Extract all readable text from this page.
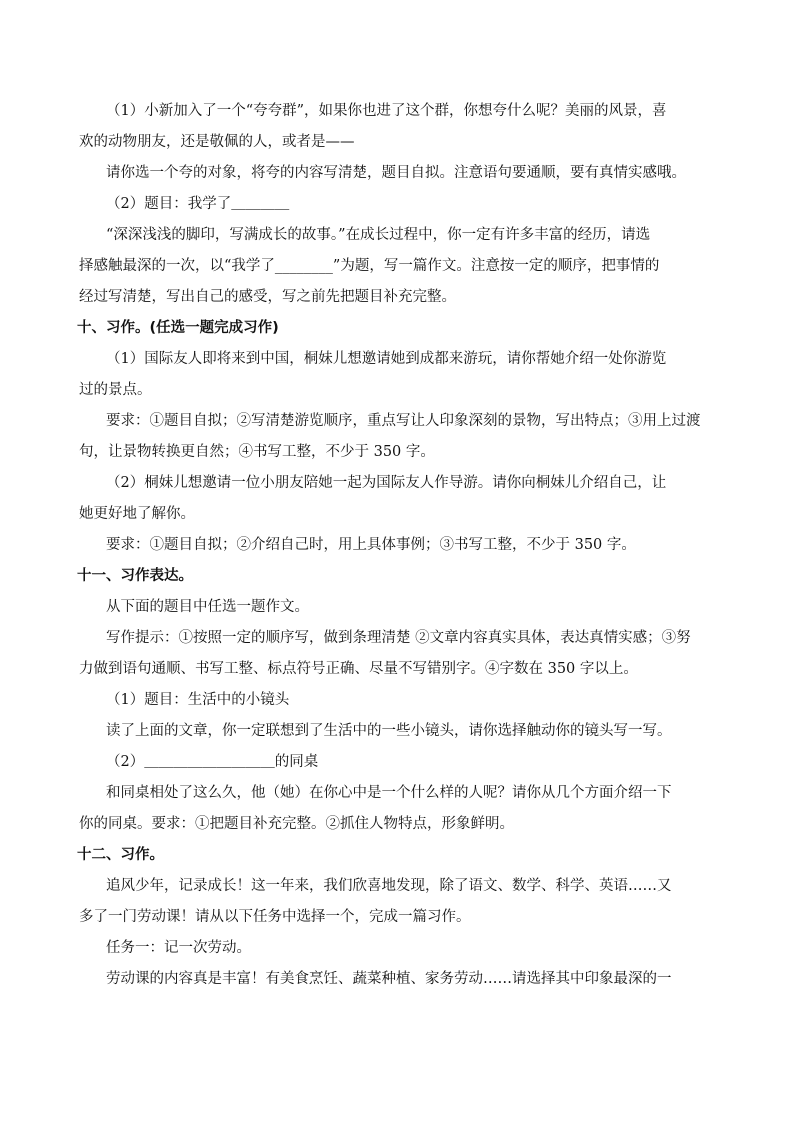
（1）小新加入了一个“夸夸群”，如果你也进了这个群，你想夸什么呢？美丽的风景，喜
欢的动物朋友，还是敬佩的人，或者是——
请你选一个夸的对象，将夸的内容写清楚，题目自拟。注意语句要通顺，要有真情实感哦。
（2）题目：我学了＿＿＿＿
“深深浅浅的脚印，写满成长的故事。”在成长过程中，你一定有许多丰富的经历，请选
择感触最深的一次，以“我学了________”为题，写一篇作文。注意按一定的顺序，把事情的
经过写清楚，写出自己的感受，写之前先把题目补充完整。
十、习作。(任选一题完成习作)
（1）国际友人即将来到中国，桐妹儿想邀请她到成都来游玩，请你帮她介绍一处你游览
过的景点。
要求：①题目自拟；②写清楚游览顺序，重点写让人印象深刻的景物，写出特点；③用上过渡
句，让景物转换更自然；④书写工整，不少于 350 字。
（2）桐妹儿想邀请一位小朋友陪她一起为国际友人作导游。请你向桐妹儿介绍自己，让
她更好地了解你。
要求：①题目自拟；②介绍自己时，用上具体事例；③书写工整，不少于 350 字。
十一、习作表达。
从下面的题目中任选一题作文。
写作提示：①按照一定的顺序写，做到条理清楚 ②文章内容真实具体，表达真情实感；③努
力做到语句通顺、书写工整、标点符号正确、尽量不写错别字。④字数在 350 字以上。
（1）题目：生活中的小镜头
读了上面的文章，你一定联想到了生活中的一些小镜头，请你选择触动你的镜头写一写。
（2）＿＿＿＿＿＿＿＿＿的同桌
和同桌相处了这么久，他（她）在你心中是一个什么样的人呢？请你从几个方面介绍一下
你的同桌。要求：①把题目补充完整。②抓住人物特点，形象鲜明。
十二、习作。
追风少年，记录成长！这一年来，我们欣喜地发现，除了语文、数学、科学、英语……又
多了一门劳动课！请从以下任务中选择一个，完成一篇习作。
任务一：记一次劳动。
劳动课的内容真是丰富！有美食烹饪、蔬菜种植、家务劳动……请选择其中印象最深的一
